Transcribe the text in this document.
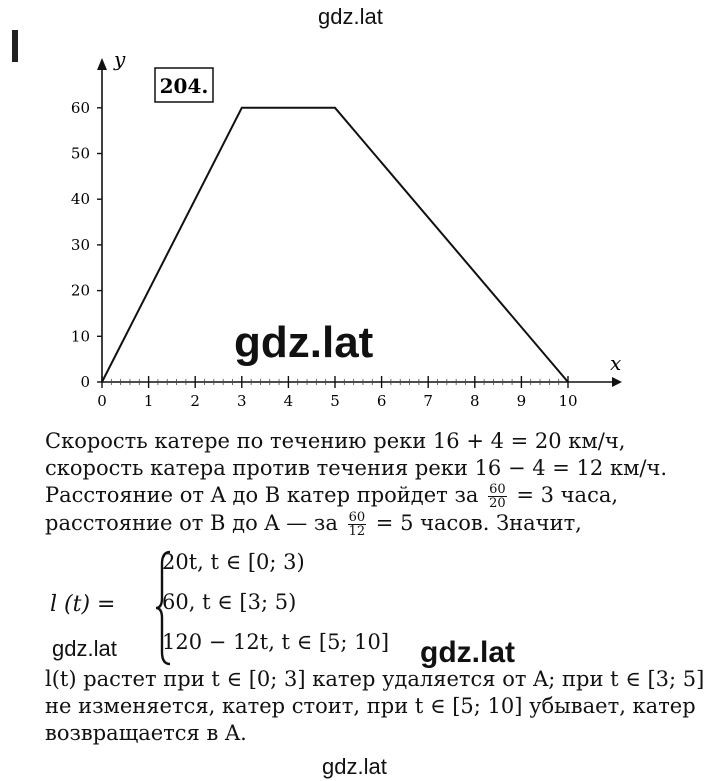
gdz.lat
x
y
0
10
20
30
40
50
60
0 1 2 3 4 5 6 7 8 9 10
204.
gdz.lat
Скорость катере по течению реки 16 + 4 = 20 км/ч,
скорость катера против течения реки 16 − 4 = 12 км/ч.
Расстояние от A до B катер пройдет за $\frac{60}{20} = 3$ часа,
расстояние от B до A — за $\frac{60}{12} = 5$ часов. Значит,
l (t) =
20t, t ∈ [0; 3)
60, t ∈ [3; 5)
120 − 12t, t ∈ [5; 10]
gdz.lat	gdz.lat
l(t) растет при t ∈ [0; 3] катер удаляется от A; при t ∈ [3; 5]
не изменяется, катер стоит, при t ∈ [5; 10] убывает, катер
возвращается в A.
gdz.lat
